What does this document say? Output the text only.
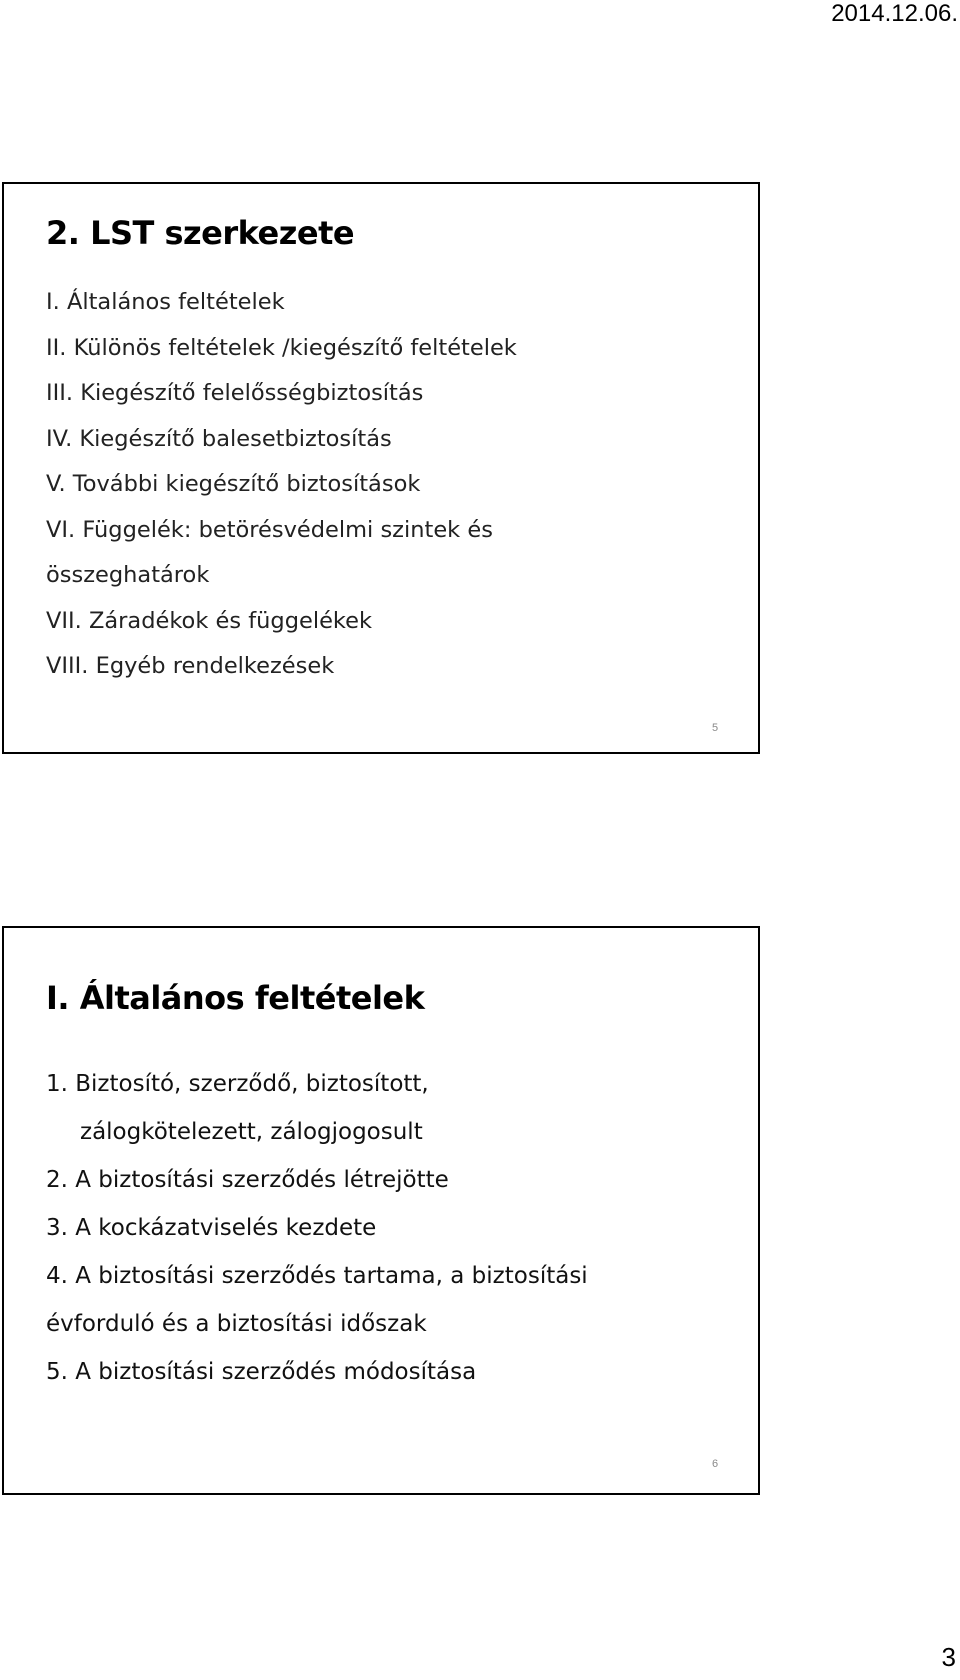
2014.12.06.
2. LST szerkezete
I. Általános feltételek
II. Különös feltételek /kiegészítő feltételek
III. Kiegészítő felelősségbiztosítás
IV. Kiegészítő balesetbiztosítás
V. További kiegészítő biztosítások
VI. Függelék: betörésvédelmi szintek és
összeghatárok
VII. Záradékok és függelékek
VIII. Egyéb rendelkezések
5
I. Általános feltételek
1. Biztosító, szerződő, biztosított,
zálogkötelezett, zálogjogosult
2. A biztosítási szerződés létrejötte
3. A kockázatviselés kezdete
4. A biztosítási szerződés tartama, a biztosítási
évforduló és a biztosítási időszak
5. A biztosítási szerződés módosítása
6
3
